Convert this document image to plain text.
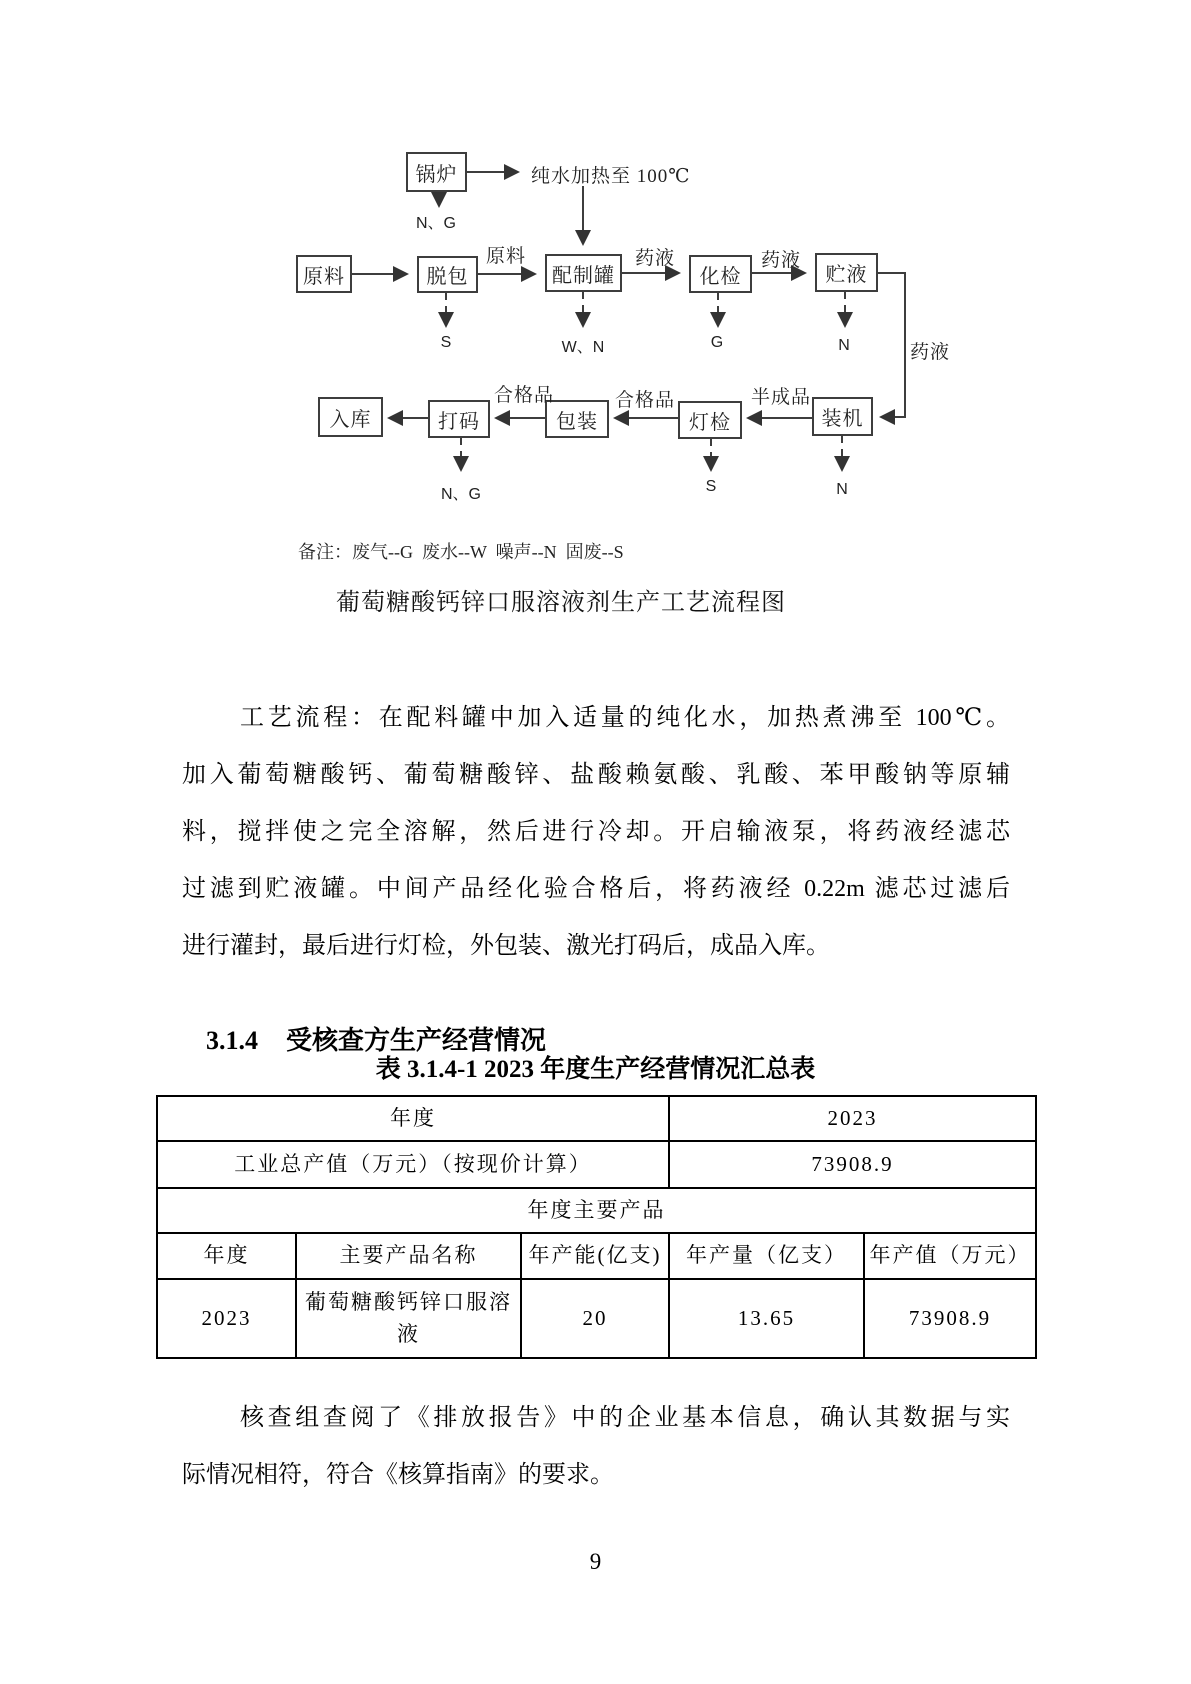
锅炉
原料	脱包	配制罐	化检	贮液
入库	打码	包装	灯检	装机
纯水加热至 100℃
N、G
原料	药液	药液
药液
S	W、N	G	N
合格品	合格品	半成品
N、G	S	N
备注：废气--G  废水--W  噪声--N  固废--S
葡萄糖酸钙锌口服溶液剂生产工艺流程图
工艺流程：在配料罐中加入适量的纯化水，加热煮沸至 100℃。
加入葡萄糖酸钙、葡萄糖酸锌、盐酸赖氨酸、乳酸、苯甲酸钠等原辅
料，搅拌使之完全溶解，然后进行冷却。开启输液泵，将药液经滤芯
过滤到贮液罐。中间产品经化验合格后，将药液经 0.22m 滤芯过滤后
进行灌封，最后进行灯检，外包装、激光打码后，成品入库。

3.1.4 受核查方生产经营情况

表 3.1.4-1 2023 年度生产经营情况汇总表
年度			2023	
工业总产值（万元）（按现价计算）			73908.9	
年度主要产品				
年度	主要产品名称	年产能(亿支)	年产量（亿支）	年产值（万元）
2023	葡萄糖酸钙锌口服溶液	20	13.65	73908.9
核查组查阅了《排放报告》中的企业基本信息，确认其数据与实
际情况相符，符合《核算指南》的要求。
9
